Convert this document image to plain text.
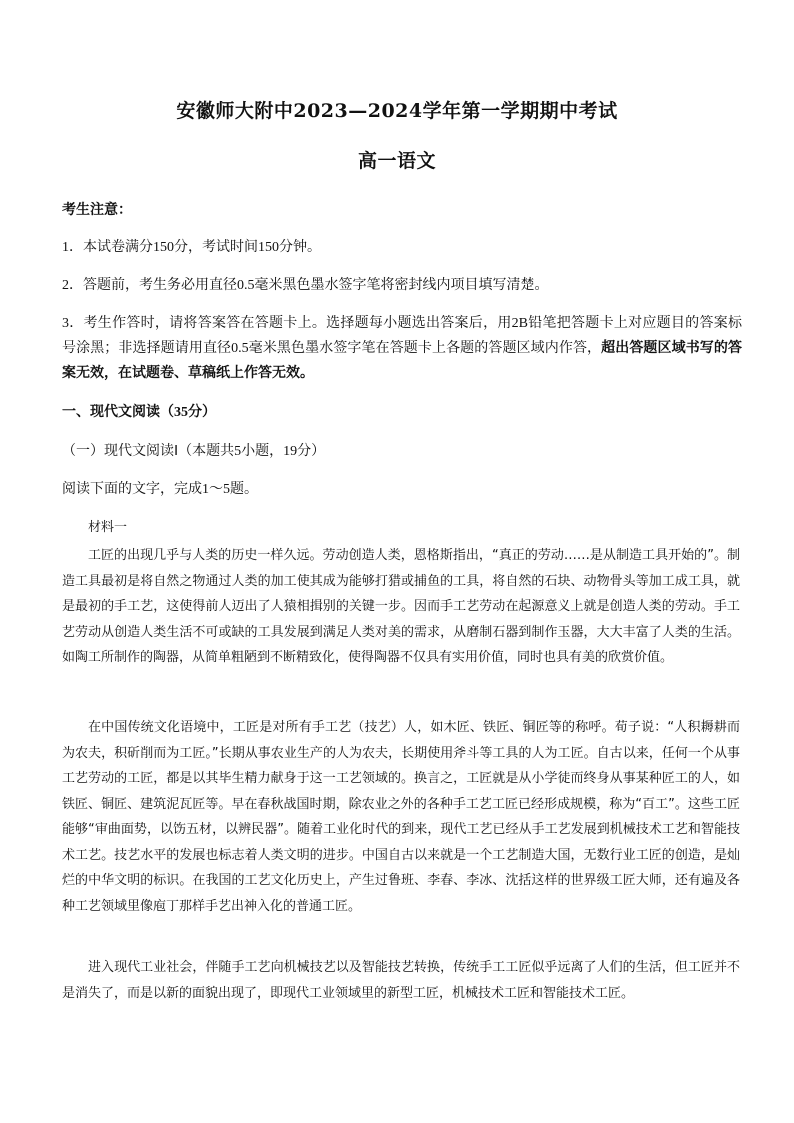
安徽师大附中2023—2024学年第一学期期中考试
高一语文

考生注意：

1．本试卷满分150分，考试时间150分钟。

2．答题前，考生务必用直径0.5毫米黑色墨水签字笔将密封线内项目填写清楚。

3．考生作答时，请将答案答在答题卡上。选择题每小题选出答案后，用2B铅笔把答题卡上对应题目的答案标号涂黑；非选择题请用直径0.5毫米黑色墨水签字笔在答题卡上各题的答题区域内作答，超出答题区域书写的答案无效，在试题卷、草稿纸上作答无效。

一、现代文阅读（35分）

（一）现代文阅读Ⅰ（本题共5小题，19分）

阅读下面的文字，完成1～5题。

材料一

工匠的出现几乎与人类的历史一样久远。劳动创造人类，恩格斯指出，“真正的劳动……是从制造工具开始的”。制造工具最初是将自然之物通过人类的加工使其成为能够打猎或捕鱼的工具，将自然的石块、动物骨头等加工成工具，就是最初的手工艺，这使得前人迈出了人猿相揖别的关键一步。因而手工艺劳动在起源意义上就是创造人类的劳动。手工艺劳动从创造人类生活不可或缺的工具发展到满足人类对美的需求，从磨制石器到制作玉器，大大丰富了人类的生活。如陶工所制作的陶器，从简单粗陋到不断精致化，使得陶器不仅具有实用价值，同时也具有美的欣赏价值。

在中国传统文化语境中，工匠是对所有手工艺（技艺）人，如木匠、铁匠、铜匠等的称呼。荀子说：“人积耨耕而为农夫，积斫削而为工匠。”长期从事农业生产的人为农夫，长期使用斧斗等工具的人为工匠。自古以来，任何一个从事工艺劳动的工匠，都是以其毕生精力献身于这一工艺领域的。换言之，工匠就是从小学徒而终身从事某种匠工的人，如铁匠、铜匠、建筑泥瓦匠等。早在春秋战国时期，除农业之外的各种手工艺工匠已经形成规模，称为“百工”。这些工匠能够“审曲面势，以饬五材，以辨民器”。随着工业化时代的到来，现代工艺已经从手工艺发展到机械技术工艺和智能技术工艺。技艺水平的发展也标志着人类文明的进步。中国自古以来就是一个工艺制造大国，无数行业工匠的创造，是灿烂的中华文明的标识。在我国的工艺文化历史上，产生过鲁班、李春、李冰、沈括这样的世界级工匠大师，还有遍及各种工艺领域里像庖丁那样手艺出神入化的普通工匠。

进入现代工业社会，伴随手工艺向机械技艺以及智能技艺转换，传统手工工匠似乎远离了人们的生活，但工匠并不是消失了，而是以新的面貌出现了，即现代工业领域里的新型工匠，机械技术工匠和智能技术工匠。
